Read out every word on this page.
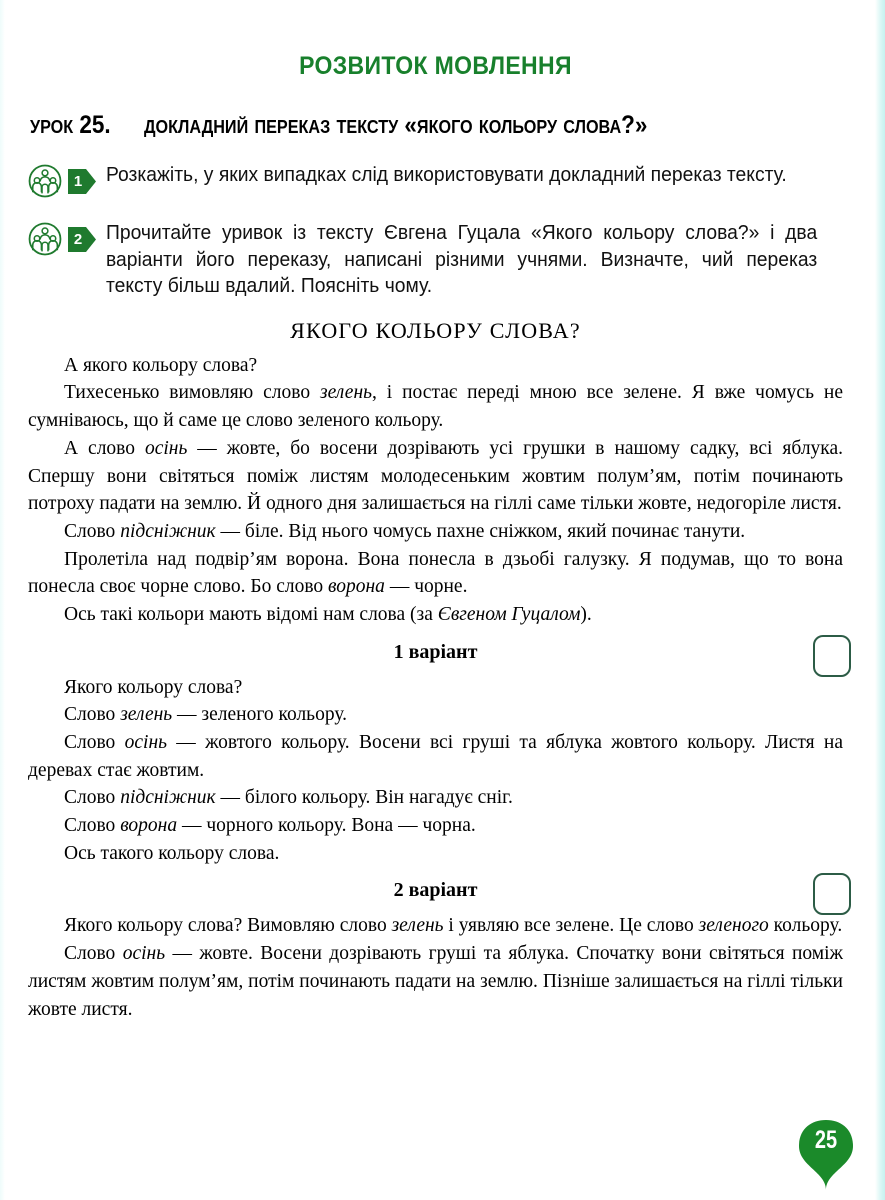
РОЗВИТОК МОВЛЕННЯ
урок 25. докладний переказ тексту «якого кольору слова?»
1	Розкажіть, у яких випадках слід використовувати докладний переказ тексту.
2	Прочитайте уривок із тексту Євгена Гуцала «Якого кольору слова?» і два варіанти його переказу, написані різними учнями. Визначте, чий переказ тексту більш вдалий. Поясніть чому.
ЯКОГО КОЛЬОРУ СЛОВА?

А якого кольору слова?

Тихесенько вимовляю слово зелень, і постає переді мною все зелене. Я вже чомусь не сумніваюсь, що й саме це слово зеленого кольору.

А слово осінь — жовте, бо восени дозрівають усі грушки в нашому садку, всі яблука. Спершу вони світяться поміж листям молодесеньким жовтим полум’ям, потім починають потроху падати на землю. Й одного дня залишається на гіллі саме тільки жовте, недогоріле листя.

Слово підсніжник — біле. Від нього чомусь пахне сніжком, який починає танути.

Пролетіла над подвір’ям ворона. Вона понесла в дзьобі галузку. Я подумав, що то вона понесла своє чорне слово. Бо слово ворона — чорне.

Ось такі кольори мають відомі нам слова (за Євгеном Гуцалом).

1 варіант

Якого кольору слова?

Слово зелень — зеленого кольору.

Слово осінь — жовтого кольору. Восени всі груші та яблука жовтого кольору. Листя на деревах стає жовтим.

Слово підсніжник — білого кольору. Він нагадує сніг.

Слово ворона — чорного кольору. Вона — чорна.

Ось такого кольору слова.

2 варіант

Якого кольору слова? Вимовляю слово зелень і уявляю все зелене. Це слово зеленого кольору.

Слово осінь — жовте. Восени дозрівають груші та яблука. Спочатку вони світяться поміж листям жовтим полум’ям, потім починають падати на землю. Пізніше залишається на гіллі тільки жовте листя.

25
